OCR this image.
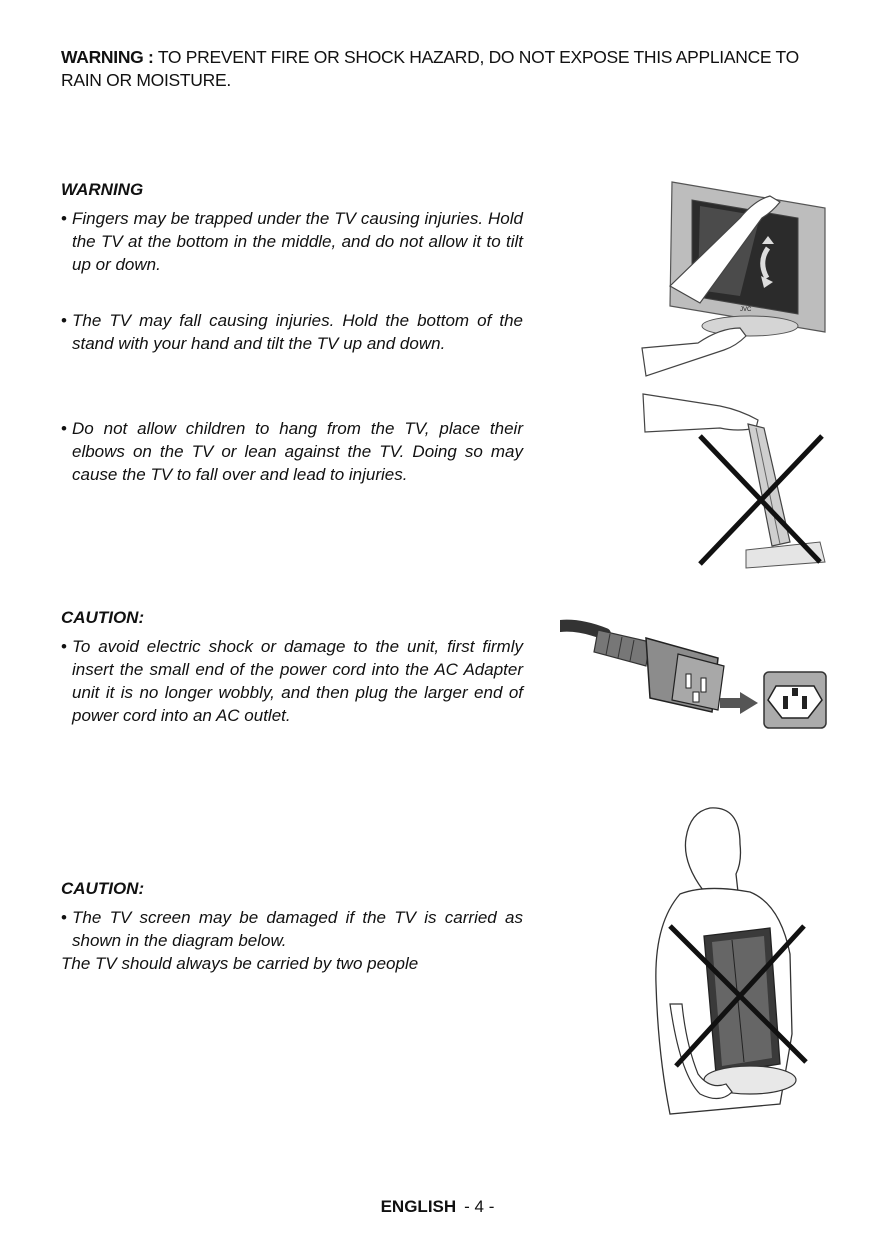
WARNING : TO PREVENT FIRE OR SHOCK HAZARD, DO NOT EXPOSE THIS APPLIANCE TO RAIN OR MOISTURE.

WARNING

• Fingers may be trapped under the TV causing injuries. Hold the TV at the bottom in the middle, and do not allow it to tilt up or down.
• The TV may fall causing injuries. Hold the bottom of the stand with your hand and tilt the TV up and down.
• Do not allow children to hang from the TV, place their elbows on the TV or lean against the TV. Doing so may cause the TV to fall over and lead to injuries.

CAUTION:

• To avoid electric shock or damage to the unit, first firmly insert the small end of the power cord into the AC Adapter unit it is no longer wobbly, and then plug the larger end of power cord into an AC outlet.

CAUTION:

• The TV screen may be damaged if the TV is carried as shown in the diagram below.

The TV should always be carried by two people

JVC
ENGLISH - 4 -
